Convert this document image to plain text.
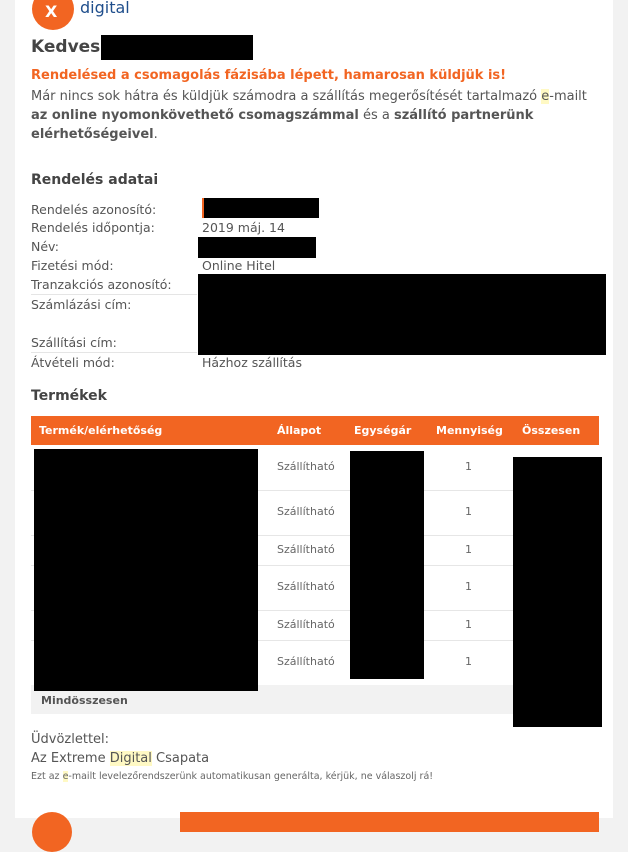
X digital
Kedves
Rendelésed a csomagolás fázisába lépett, hamarosan küldjük is!
Már nincs sok hátra és küldjük számodra a szállítás megerősítését tartalmazó e-mailt az online nyomonkövethető csomagszámmal és a szállító partnerünk elérhetőségeivel.
Rendelés adatai
Rendelés azonosító:
Rendelés időpontja:	2019 máj. 14
Név:
Fizetési mód:	Online Hitel
Tranzakciós azonosító:
Számlázási cím:
Szállítási cím:
Átvételi mód:	Házhoz szállítás
Termékek
Termék/elérhetőség	Állapot	Egységár Mennyiség Összesen
Szállítható	1
Szállítható	1
Szállítható	1
Szállítható	1
Szállítható	1
Szállítható	1
Mindösszesen
Üdvözlettel:
Az Extreme Digital Csapata
Ezt az e-mailt levelezőrendszerünk automatikusan generálta, kérjük, ne válaszolj rá!
